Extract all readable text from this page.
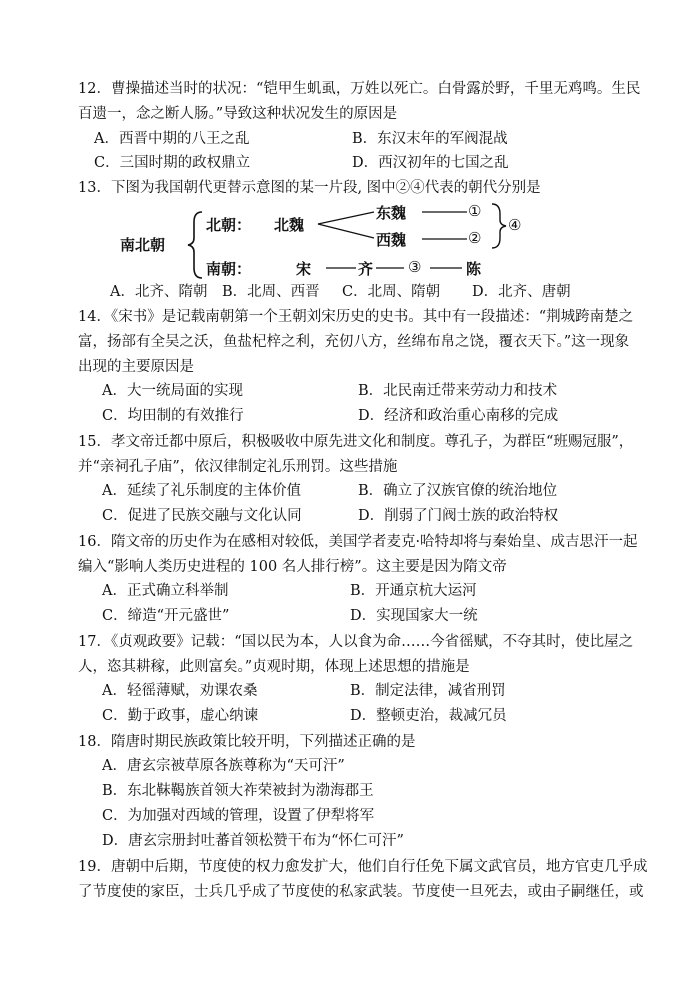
12．曹操描述当时的状况：“铠甲生虮虱，万姓以死亡。白骨露於野，千里无鸡鸣。生民
百遗一，念之断人肠。”导致这种状况发生的原因是
A．西晋中期的八王之乱	B．东汉末年的军阀混战
C．三国时期的政权鼎立	D．西汉初年的七国之乱
13．下图为我国朝代更替示意图的某一片段, 图中②④代表的朝代分别是
南北朝
北朝： 北魏
东魏
西魏
①
②
④
南朝：	宋	齐 ③	陈
A．北齐、隋朝 B．北周、西晋 C．北周、隋朝 D．北齐、唐朝
14．《宋书》是记载南朝第一个王朝刘宋历史的史书。其中有一段描述：“荆城跨南楚之
富，扬部有全吴之沃，鱼盐杞梓之利，充仞八方，丝绵布帛之饶，覆衣天下。”这一现象
出现的主要原因是
A．大一统局面的实现	B．北民南迁带来劳动力和技术
C．均田制的有效推行	D．经济和政治重心南移的完成
15．孝文帝迁都中原后，积极吸收中原先进文化和制度。尊孔子，为群臣“班赐冠服”，
并“亲祠孔子庙”，依汉律制定礼乐刑罚。这些措施
A．延续了礼乐制度的主体价值	B．确立了汉族官僚的统治地位
C．促进了民族交融与文化认同	D．削弱了门阀士族的政治特权
16．隋文帝的历史作为在感相对较低，美国学者麦克·哈特却将与秦始皇、成吉思汗一起
编入“影响人类历史进程的 100 名人排行榜”。这主要是因为隋文帝
A．正式确立科举制	B．开通京杭大运河
C．缔造“开元盛世”	D．实现国家大一统
17．《贞观政要》记载：“国以民为本，人以食为命……今省徭赋，不夺其时，使比屋之
人，恣其耕稼，此则富矣。”贞观时期，体现上述思想的措施是
A．轻徭薄赋，劝课农桑	B．制定法律，减省刑罚
C．勤于政事，虚心纳谏	D．整顿吏治，裁减冗员
18．隋唐时期民族政策比较开明，下列描述正确的是
A．唐玄宗被草原各族尊称为“天可汗”
B．东北靺鞨族首领大祚荣被封为渤海郡王
C．为加强对西域的管理，设置了伊犁将军
D．唐玄宗册封吐蕃首领松赞干布为“怀仁可汗”
19．唐朝中后期，节度使的权力愈发扩大，他们自行任免下属文武官员，地方官吏几乎成
了节度使的家臣，士兵几乎成了节度使的私家武装。节度使一旦死去，或由子嗣继任，或
